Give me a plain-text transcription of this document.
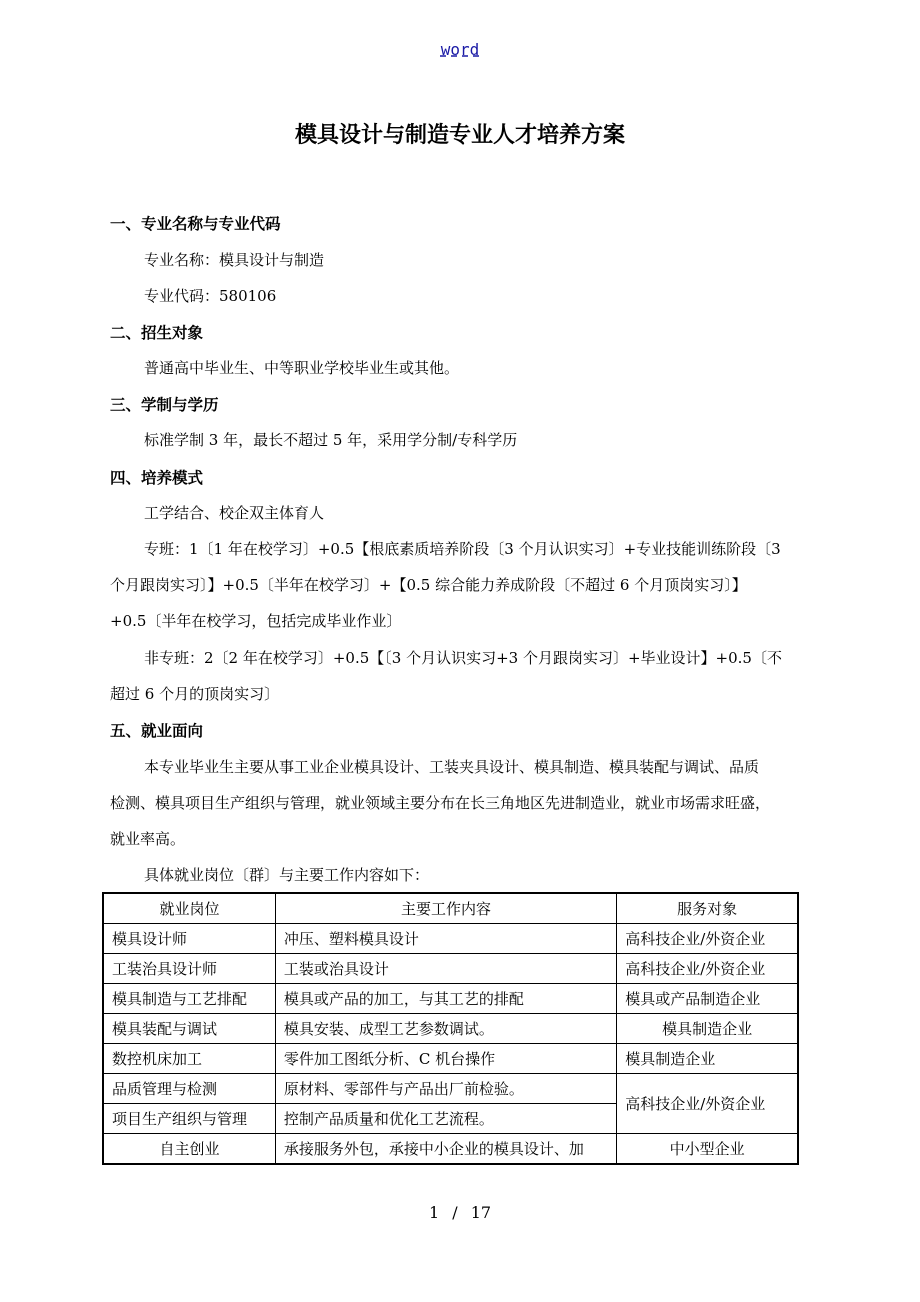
word
模具设计与制造专业人才培养方案
一、专业名称与专业代码
专业名称：模具设计与制造
专业代码：580106
二、招生对象
普通高中毕业生、中等职业学校毕业生或其他。
三、学制与学历
标准学制 3 年，最长不超过 5 年，采用学分制/专科学历
四、培养模式
工学结合、校企双主体育人
专班：1〔1 年在校学习〕+0.5【根底素质培养阶段〔3 个月认识实习〕+专业技能训练阶段〔3
个月跟岗实习〕】+0.5〔半年在校学习〕+【0.5 综合能力养成阶段〔不超过 6 个月顶岗实习〕】
+0.5〔半年在校学习，包括完成毕业作业〕
非专班：2〔2 年在校学习〕+0.5【〔3 个月认识实习+3 个月跟岗实习〕+毕业设计】+0.5〔不
超过 6 个月的顶岗实习〕
五、就业面向
本专业毕业生主要从事工业企业模具设计、工装夹具设计、模具制造、模具装配与调试、品质
检测、模具项目生产组织与管理，就业领域主要分布在长三角地区先进制造业，就业市场需求旺盛，
就业率高。
具体就业岗位〔群〕与主要工作内容如下：
就业岗位	主要工作内容	服务对象
模具设计师	冲压、塑料模具设计	高科技企业/外资企业
工装治具设计师	工装或治具设计	高科技企业/外资企业
模具制造与工艺排配	模具或产品的加工，与其工艺的排配	模具或产品制造企业
模具装配与调试	模具安装、成型工艺参数调试。	模具制造企业
数控机床加工	零件加工图纸分析、C 机台操作	模具制造企业
品质管理与检测	原材料、零部件与产品出厂前检验。	高科技企业/外资企业
项目生产组织与管理	控制产品质量和优化工艺流程。	
自主创业	承接服务外包，承接中小企业的模具设计、加	中小型企业
1 / 17
